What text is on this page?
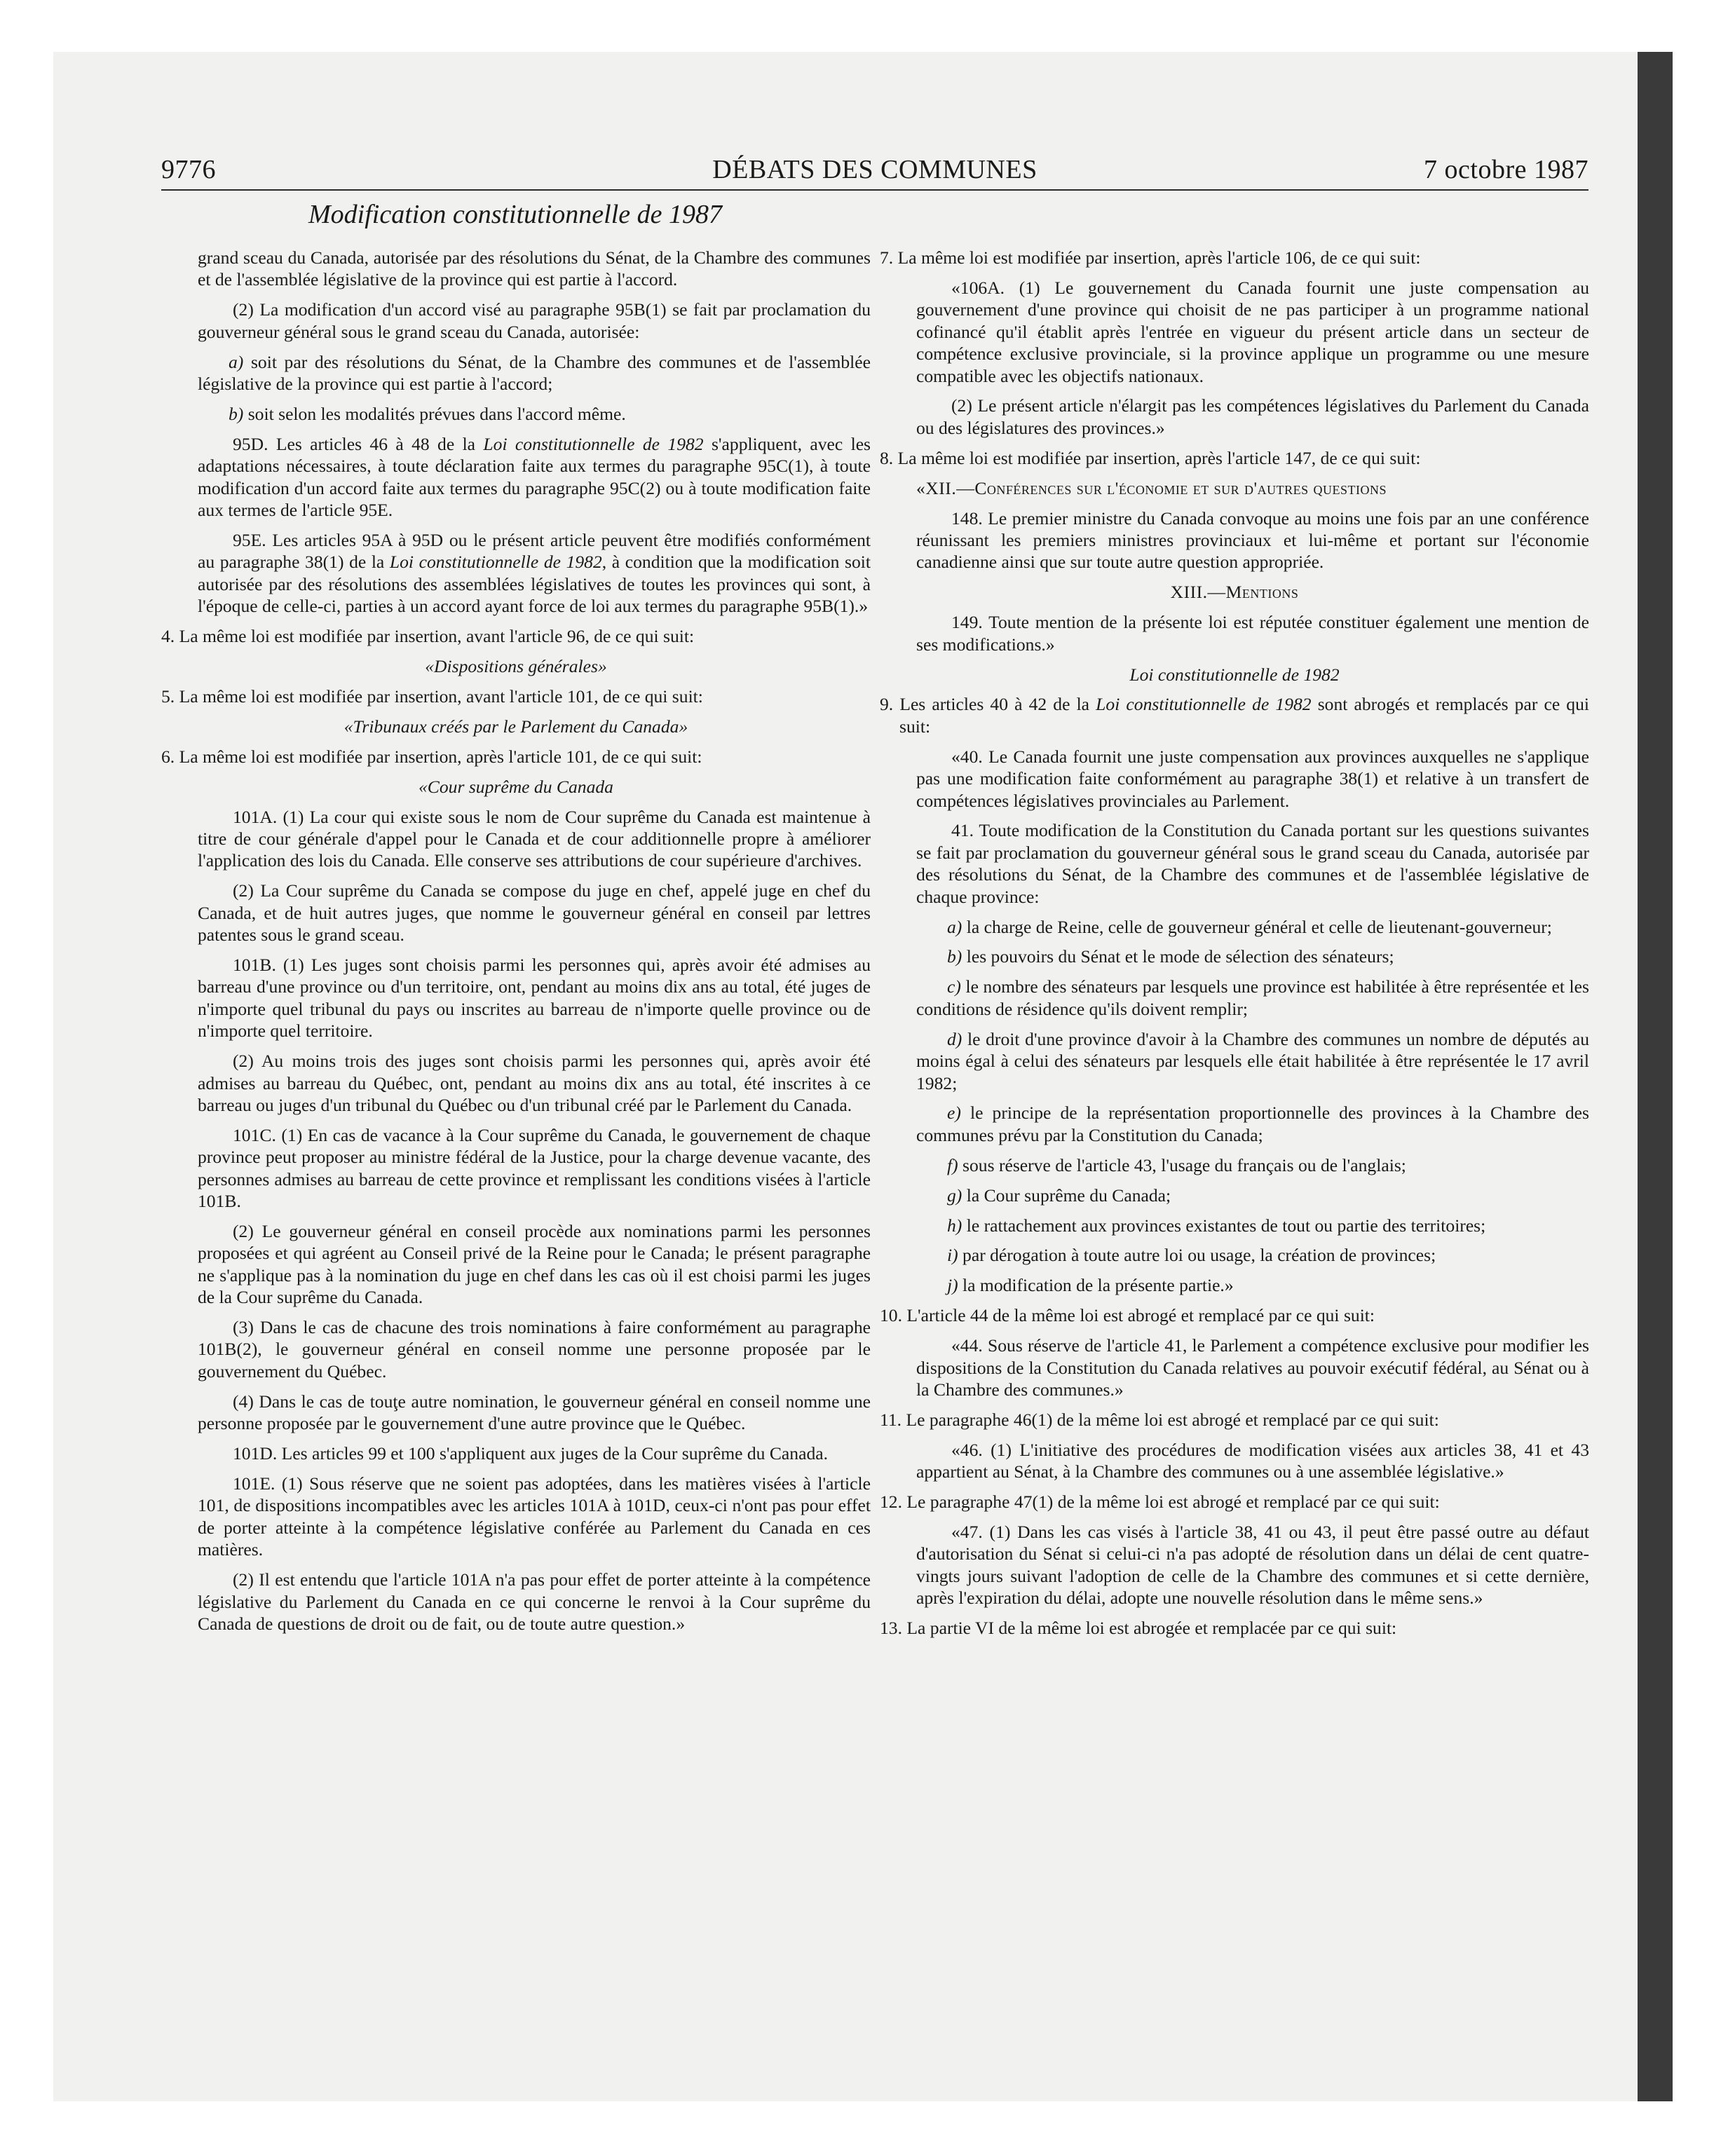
9776	DÉBATS DES COMMUNES	7 octobre 1987
Modification constitutionnelle de 1987

grand sceau du Canada, autorisée par des résolutions du Sénat, de la Chambre des communes et de l'assemblée législative de la province qui est partie à l'accord.

(2) La modification d'un accord visé au paragraphe 95B(1) se fait par proclamation du gouverneur général sous le grand sceau du Canada, autorisée:

a) soit par des résolutions du Sénat, de la Chambre des communes et de l'assemblée législative de la province qui est partie à l'accord;

b) soit selon les modalités prévues dans l'accord même.

95D. Les articles 46 à 48 de la Loi constitutionnelle de 1982 s'appliquent, avec les adaptations nécessaires, à toute déclaration faite aux termes du paragraphe 95C(1), à toute modification d'un accord faite aux termes du paragraphe 95C(2) ou à toute modification faite aux termes de l'article 95E.

95E. Les articles 95A à 95D ou le présent article peuvent être modifiés conformément au paragraphe 38(1) de la Loi constitutionnelle de 1982, à condition que la modification soit autorisée par des résolutions des assemblées législatives de toutes les provinces qui sont, à l'époque de celle-ci, parties à un accord ayant force de loi aux termes du paragraphe 95B(1).»

4. La même loi est modifiée par insertion, avant l'article 96, de ce qui suit:

«Dispositions générales»

5. La même loi est modifiée par insertion, avant l'article 101, de ce qui suit:

«Tribunaux créés par le Parlement du Canada»

6. La même loi est modifiée par insertion, après l'article 101, de ce qui suit:

«Cour suprême du Canada

101A. (1) La cour qui existe sous le nom de Cour suprême du Canada est maintenue à titre de cour générale d'appel pour le Canada et de cour additionnelle propre à améliorer l'application des lois du Canada. Elle conserve ses attributions de cour supérieure d'archives.

(2) La Cour suprême du Canada se compose du juge en chef, appelé juge en chef du Canada, et de huit autres juges, que nomme le gouverneur général en conseil par lettres patentes sous le grand sceau.

101B. (1) Les juges sont choisis parmi les personnes qui, après avoir été admises au barreau d'une province ou d'un territoire, ont, pendant au moins dix ans au total, été juges de n'importe quel tribunal du pays ou inscrites au barreau de n'importe quelle province ou de n'importe quel territoire.

(2) Au moins trois des juges sont choisis parmi les personnes qui, après avoir été admises au barreau du Québec, ont, pendant au moins dix ans au total, été inscrites à ce barreau ou juges d'un tribunal du Québec ou d'un tribunal créé par le Parlement du Canada.

101C. (1) En cas de vacance à la Cour suprême du Canada, le gouvernement de chaque province peut proposer au ministre fédéral de la Justice, pour la charge devenue vacante, des personnes admises au barreau de cette province et remplissant les conditions visées à l'article 101B.

(2) Le gouverneur général en conseil procède aux nominations parmi les personnes proposées et qui agréent au Conseil privé de la Reine pour le Canada; le présent paragraphe ne s'applique pas à la nomination du juge en chef dans les cas où il est choisi parmi les juges de la Cour suprême du Canada.

(3) Dans le cas de chacune des trois nominations à faire conformément au paragraphe 101B(2), le gouverneur général en conseil nomme une personne proposée par le gouvernement du Québec.

(4) Dans le cas de touţe autre nomination, le gouverneur général en conseil nomme une personne proposée par le gouvernement d'une autre province que le Québec.

101D. Les articles 99 et 100 s'appliquent aux juges de la Cour suprême du Canada.

101E. (1) Sous réserve que ne soient pas adoptées, dans les matières visées à l'article 101, de dispositions incompatibles avec les articles 101A à 101D, ceux-ci n'ont pas pour effet de porter atteinte à la compétence législative conférée au Parlement du Canada en ces matières.

(2) Il est entendu que l'article 101A n'a pas pour effet de porter atteinte à la compétence législative du Parlement du Canada en ce qui concerne le renvoi à la Cour suprême du Canada de questions de droit ou de fait, ou de toute autre question.»

7. La même loi est modifiée par insertion, après l'article 106, de ce qui suit:

«106A. (1) Le gouvernement du Canada fournit une juste compensation au gouvernement d'une province qui choisit de ne pas participer à un programme national cofinancé qu'il établit après l'entrée en vigueur du présent article dans un secteur de compétence exclusive provinciale, si la province applique un programme ou une mesure compatible avec les objectifs nationaux.

(2) Le présent article n'élargit pas les compétences législatives du Parlement du Canada ou des législatures des provinces.»

8. La même loi est modifiée par insertion, après l'article 147, de ce qui suit:

«XII.—Conférences sur l'économie et sur d'autres questions

148. Le premier ministre du Canada convoque au moins une fois par an une conférence réunissant les premiers ministres provinciaux et lui-même et portant sur l'économie canadienne ainsi que sur toute autre question appropriée.

XIII.—Mentions

149. Toute mention de la présente loi est réputée constituer également une mention de ses modifications.»

Loi constitutionnelle de 1982

9. Les articles 40 à 42 de la Loi constitutionnelle de 1982 sont abrogés et remplacés par ce qui suit:

«40. Le Canada fournit une juste compensation aux provinces auxquelles ne s'applique pas une modification faite conformément au paragraphe 38(1) et relative à un transfert de compétences législatives provinciales au Parlement.

41. Toute modification de la Constitution du Canada portant sur les questions suivantes se fait par proclamation du gouverneur général sous le grand sceau du Canada, autorisée par des résolutions du Sénat, de la Chambre des communes et de l'assemblée législative de chaque province:

a) la charge de Reine, celle de gouverneur général et celle de lieutenant-gouverneur;

b) les pouvoirs du Sénat et le mode de sélection des sénateurs;

c) le nombre des sénateurs par lesquels une province est habilitée à être représentée et les conditions de résidence qu'ils doivent remplir;

d) le droit d'une province d'avoir à la Chambre des communes un nombre de députés au moins égal à celui des sénateurs par lesquels elle était habilitée à être représentée le 17 avril 1982;

e) le principe de la représentation proportionnelle des provinces à la Chambre des communes prévu par la Constitution du Canada;

f) sous réserve de l'article 43, l'usage du français ou de l'anglais;

g) la Cour suprême du Canada;

h) le rattachement aux provinces existantes de tout ou partie des territoires;

i) par dérogation à toute autre loi ou usage, la création de provinces;

j) la modification de la présente partie.»

10. L'article 44 de la même loi est abrogé et remplacé par ce qui suit:

«44. Sous réserve de l'article 41, le Parlement a compétence exclusive pour modifier les dispositions de la Constitution du Canada relatives au pouvoir exécutif fédéral, au Sénat ou à la Chambre des communes.»

11. Le paragraphe 46(1) de la même loi est abrogé et remplacé par ce qui suit:

«46. (1) L'initiative des procédures de modification visées aux articles 38, 41 et 43 appartient au Sénat, à la Chambre des communes ou à une assemblée législative.»

12. Le paragraphe 47(1) de la même loi est abrogé et remplacé par ce qui suit:

«47. (1) Dans les cas visés à l'article 38, 41 ou 43, il peut être passé outre au défaut d'autorisation du Sénat si celui-ci n'a pas adopté de résolution dans un délai de cent quatre-vingts jours suivant l'adoption de celle de la Chambre des communes et si cette dernière, après l'expiration du délai, adopte une nouvelle résolution dans le même sens.»

13. La partie VI de la même loi est abrogée et remplacée par ce qui suit:
